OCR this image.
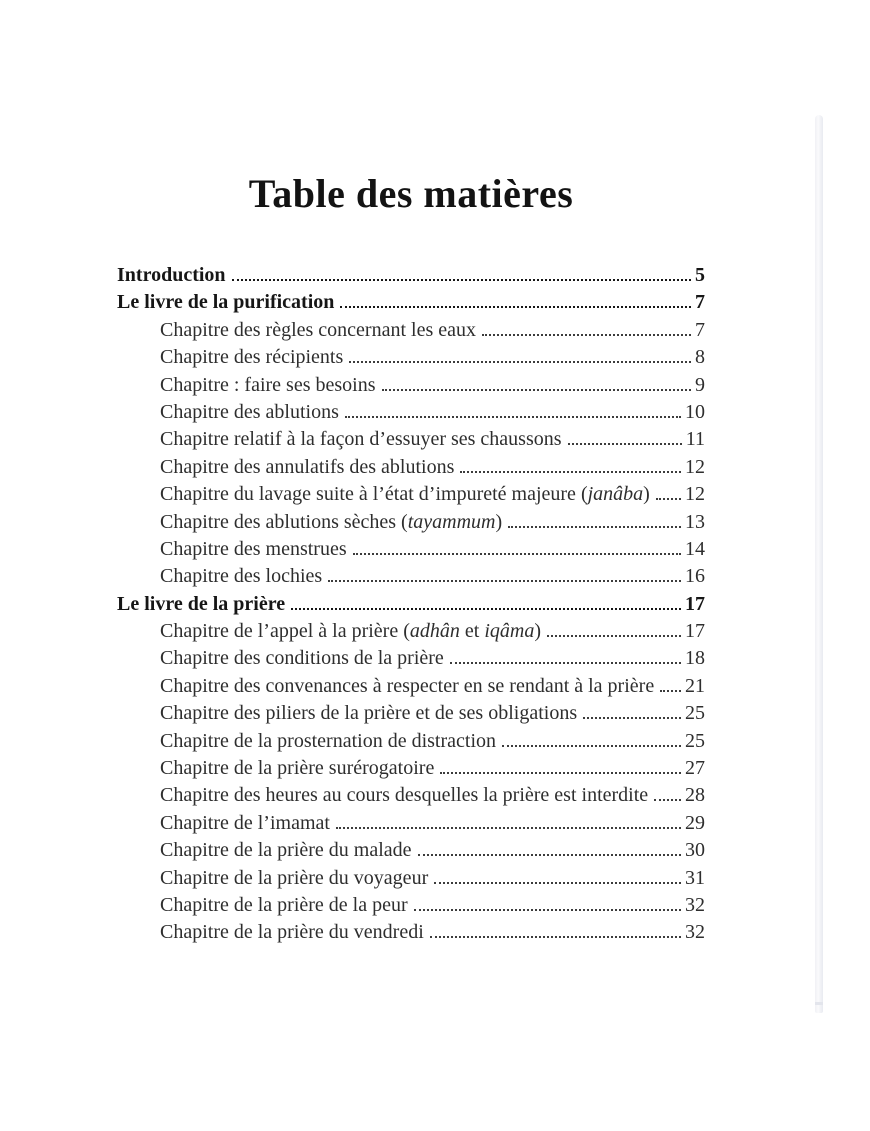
Table des matières
Introduction	5
Le livre de la purification	7
Chapitre des règles concernant les eaux	7
Chapitre des récipients	8
Chapitre : faire ses besoins	9
Chapitre des ablutions	10
Chapitre relatif à la façon d’essuyer ses chaussons	11
Chapitre des annulatifs des ablutions	12
Chapitre du lavage suite à l’état d’impureté majeure (janâba) 12
Chapitre des ablutions sèches (tayammum)	13
Chapitre des menstrues	14
Chapitre des lochies	16
Le livre de la prière	17
Chapitre de l’appel à la prière (adhân et iqâma)	17
Chapitre des conditions de la prière	18
Chapitre des convenances à respecter en se rendant à la prière 21
Chapitre des piliers de la prière et de ses obligations	25
Chapitre de la prosternation de distraction	25
Chapitre de la prière surérogatoire	27
Chapitre des heures au cours desquelles la prière est interdite 28
Chapitre de l’imamat	29
Chapitre de la prière du malade	30
Chapitre de la prière du voyageur	31
Chapitre de la prière de la peur	32
Chapitre de la prière du vendredi	32
